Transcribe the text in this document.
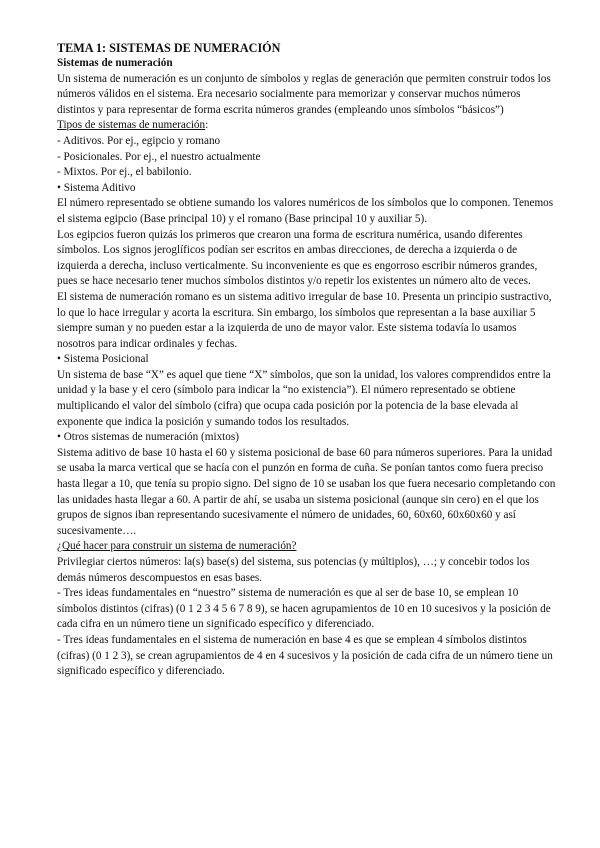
TEMA 1: SISTEMAS DE NUMERACIÓN

Sistemas de numeración

Un sistema de numeración es un conjunto de símbolos y reglas de generación que permiten construir todos los números válidos en el sistema. Era necesario socialmente para memorizar y conservar muchos números distintos y para representar de forma escrita números grandes (empleando unos símbolos “básicos”)

Tipos de sistemas de numeración:

- Aditivos. Por ej., egipcio y romano

- Posicionales. Por ej., el nuestro actualmente

- Mixtos. Por ej., el babilonio.

• Sistema Aditivo

El número representado se obtiene sumando los valores numéricos de los símbolos que lo componen. Tenemos el sistema egipcio (Base principal 10) y el romano (Base principal 10 y auxiliar 5).

Los egipcios fueron quizás los primeros que crearon una forma de escritura numérica, usando diferentes símbolos. Los signos jeroglíficos podían ser escritos en ambas direcciones, de derecha a izquierda o de izquierda a derecha, incluso verticalmente. Su inconveniente es que es engorroso escribir números grandes, pues se hace necesario tener muchos símbolos distintos y/o repetir los existentes un número alto de veces.

El sistema de numeración romano es un sistema aditivo irregular de base 10. Presenta un principio sustractivo, lo que lo hace irregular y acorta la escritura. Sin embargo, los símbolos que representan a la base auxiliar 5 siempre suman y no pueden estar a la izquierda de uno de mayor valor. Este sistema todavía lo usamos nosotros para indicar ordinales y fechas.

• Sistema Posicional

Un sistema de base “X” es aquel que tiene “X” símbolos, que son la unidad, los valores comprendidos entre la unidad y la base y el cero (símbolo para indicar la “no existencia”). El número representado se obtiene multiplicando el valor del símbolo (cifra) que ocupa cada posición por la potencia de la base elevada al exponente que indica la posición y sumando todos los resultados.

• Otros sistemas de numeración (mixtos)

Sistema aditivo de base 10 hasta el 60 y sistema posicional de base 60 para números superiores. Para la unidad se usaba la marca vertical que se hacía con el punzón en forma de cuña. Se ponían tantos como fuera preciso hasta llegar a 10, que tenía su propio signo. Del signo de 10 se usaban los que fuera necesario completando con las unidades hasta llegar a 60. A partir de ahí, se usaba un sistema posicional (aunque sin cero) en el que los grupos de signos iban representando sucesivamente el número de unidades, 60, 60x60, 60x60x60 y así sucesivamente….

¿Qué hacer para construir un sistema de numeración?

Privilegiar ciertos números: la(s) base(s) del sistema, sus potencias (y múltiplos), …; y concebir todos los demás números descompuestos en esas bases.

- Tres ideas fundamentales en “nuestro” sistema de numeración es que al ser de base 10, se emplean 10 símbolos distintos (cifras) (0 1 2 3 4 5 6 7 8 9), se hacen agrupamientos de 10 en 10 sucesivos y la posición de cada cifra en un número tiene un significado específico y diferenciado.

- Tres ideas fundamentales en el sistema de numeración en base 4 es que se emplean 4 símbolos distintos (cifras) (0 1 2 3), se crean agrupamientos de 4 en 4 sucesivos y la posición de cada cifra de un número tiene un significado específico y diferenciado.
